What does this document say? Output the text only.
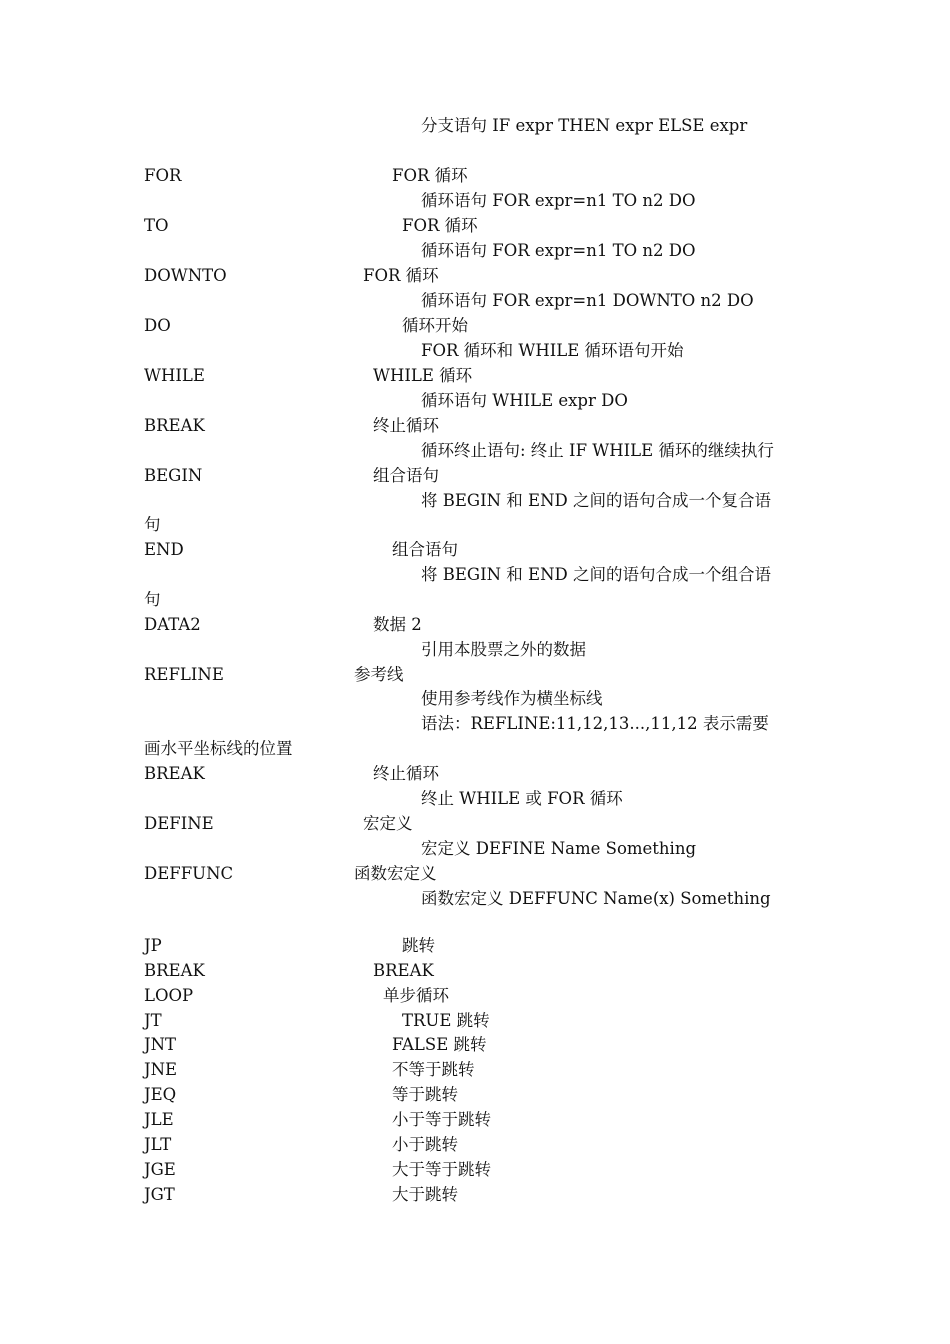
分支语句 IF expr THEN expr ELSE expr
FOR	FOR 循环
循环语句 FOR expr=n1 TO n2 DO
TO	FOR 循环
循环语句 FOR expr=n1 TO n2 DO
DOWNTO	FOR 循环
循环语句 FOR expr=n1 DOWNTO n2 DO
DO	循环开始
FOR 循环和 WHILE 循环语句开始
WHILE	WHILE 循环
循环语句 WHILE expr DO
BREAK	终止循环
循环终止语句: 终止 IF WHILE 循环的继续执行
BEGIN	组合语句
将 BEGIN 和 END 之间的语句合成一个复合语
句
END	组合语句
将 BEGIN 和 END 之间的语句合成一个组合语
句
DATA2	数据 2
引用本股票之外的数据
REFLINE	参考线
使用参考线作为横坐标线
语法：REFLINE:11,12,13...,11,12 表示需要
画水平坐标线的位置
BREAK	终止循环
终止 WHILE 或 FOR 循环
DEFINE	宏定义
宏定义 DEFINE Name Something
DEFFUNC	函数宏定义
函数宏定义 DEFFUNC Name(x) Something
JP	跳转
BREAK	BREAK
LOOP	单步循环
JT	TRUE 跳转
JNT	FALSE 跳转
JNE	不等于跳转
JEQ	等于跳转
JLE	小于等于跳转
JLT	小于跳转
JGE	大于等于跳转
JGT	大于跳转
